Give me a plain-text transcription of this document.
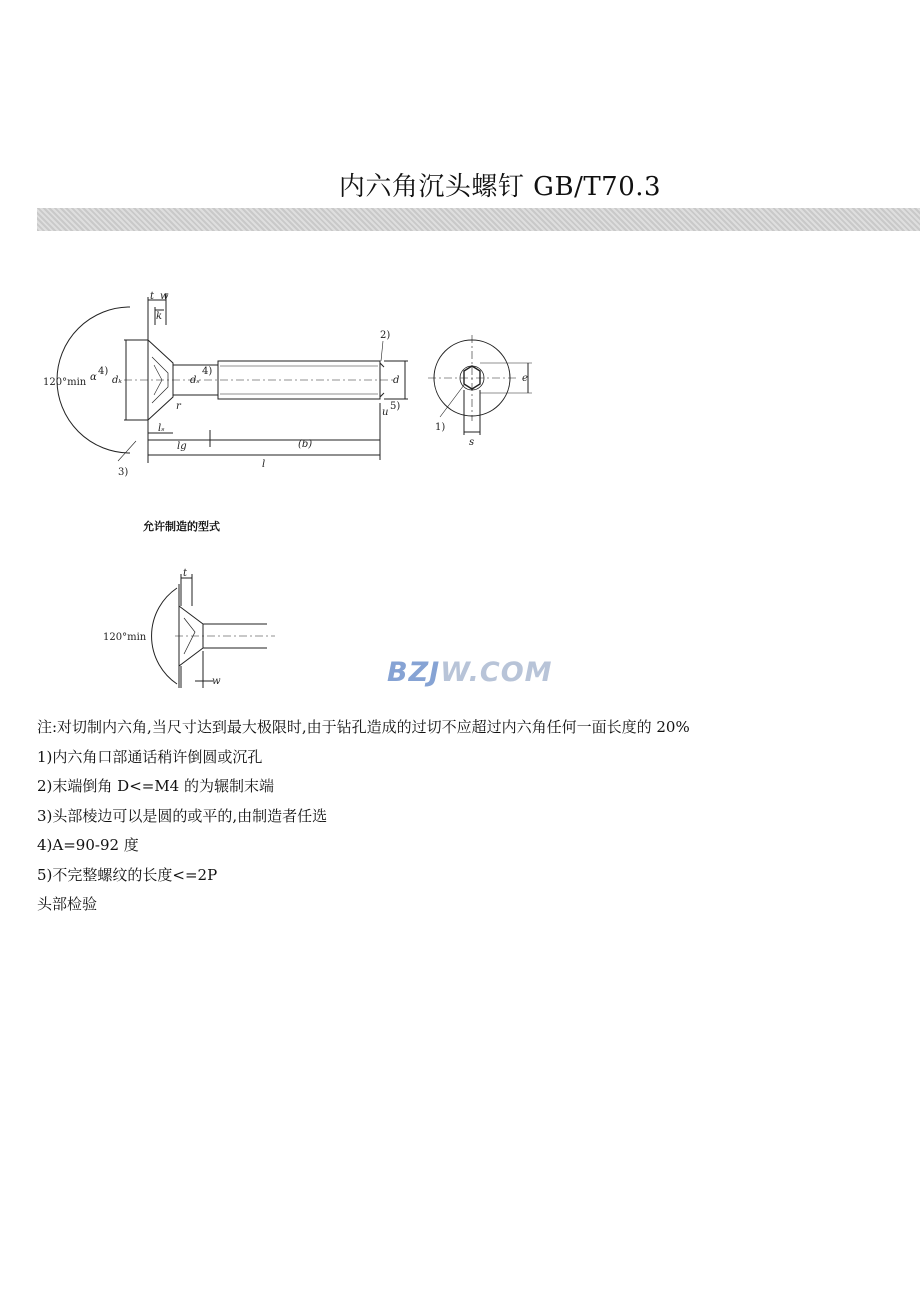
内六角沉头螺钉 GB/T70.3
120°min α
4)
dₖ
t w
k
r
dₛ
4)
lₛ
lg	(b)
l
d
u
5)
2)
3)
1)
e
s
允许制造的型式
t
120°min
w	BZJW.COM
注:对切制内六角,当尺寸达到最大极限时,由于钻孔造成的过切不应超过内六角任何一面长度的 20%
1)内六角口部通话稍许倒圆或沉孔
2)末端倒角 D<=M4 的为辗制末端
3)头部棱边可以是圆的或平的,由制造者任选
4)A=90-92 度
5)不完整螺纹的长度<=2P
头部检验
